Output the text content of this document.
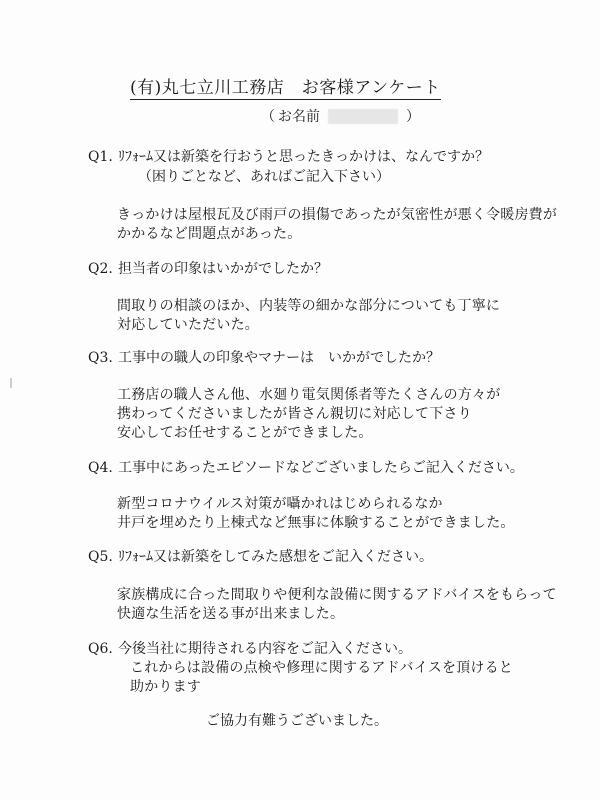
(有)丸七立川工務店　お客様アンケート
（ お名前	）
Q1. ﾘﾌｫｰﾑ又は新築を行おうと思ったきっかけは、なんですか？
（困りごとなど、あればご記入下さい）
きっかけは屋根瓦及び雨戸の損傷であったが気密性が悪く令暖房費が
かかるなど問題点があった。
Q2. 担当者の印象はいかがでしたか？
間取りの相談のほか、内装等の細かな部分についても丁寧に
対応していただいた。
Q3. 工事中の職人の印象やマナーは　いかがでしたか？
工務店の職人さん他、水廻り電気関係者等たくさんの方々が
携わってくださいましたが皆さん親切に対応して下さり
安心してお任せすることができました。
Q4. 工事中にあったエピソードなどございましたらご記入ください。
新型コロナウイルス対策が囁かれはじめられるなか
井戸を埋めたり上棟式など無事に体験することができました。
Q5. ﾘﾌｫｰﾑ又は新築をしてみた感想をご記入ください。
家族構成に合った間取りや便利な設備に関するアドバイスをもらって
快適な生活を送る事が出来ました。
Q6. 今後当社に期待される内容をご記入ください。
これからは設備の点検や修理に関するアドバイスを頂けると
助かります
ご協力有難うございました。
